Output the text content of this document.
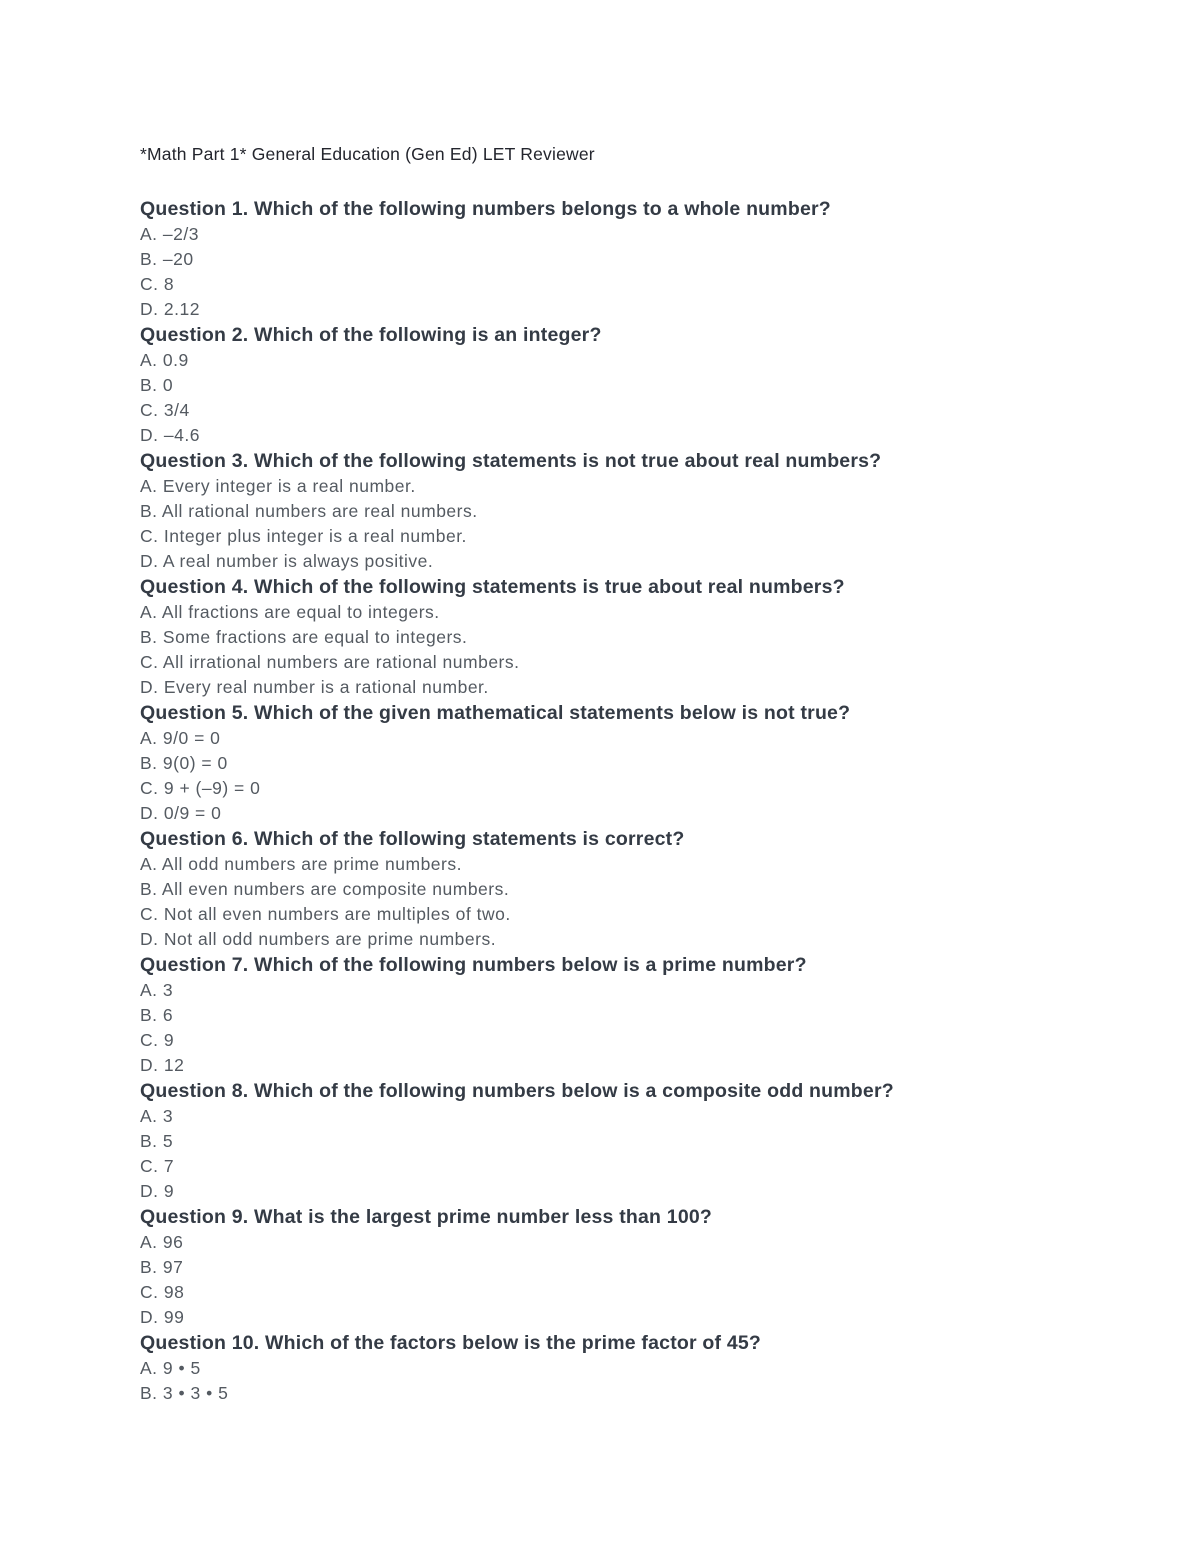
*Math Part 1* General Education (Gen Ed) LET Reviewer

Question 1. Which of the following numbers belongs to a whole number?
A. –2/3
B. –20
C. 8
D. 2.12
Question 2. Which of the following is an integer?
A. 0.9
B. 0
C. 3/4
D. –4.6
Question 3. Which of the following statements is not true about real numbers?
A. Every integer is a real number.
B. All rational numbers are real numbers.
C. Integer plus integer is a real number.
D. A real number is always positive.
Question 4. Which of the following statements is true about real numbers?
A. All fractions are equal to integers.
B. Some fractions are equal to integers.
C. All irrational numbers are rational numbers.
D. Every real number is a rational number.
Question 5. Which of the given mathematical statements below is not true?
A. 9/0 = 0
B. 9(0) = 0
C. 9 + (–9) = 0
D. 0/9 = 0
Question 6. Which of the following statements is correct?
A. All odd numbers are prime numbers.
B. All even numbers are composite numbers.
C. Not all even numbers are multiples of two.
D. Not all odd numbers are prime numbers.
Question 7. Which of the following numbers below is a prime number?
A. 3
B. 6
C. 9
D. 12
Question 8. Which of the following numbers below is a composite odd number?
A. 3
B. 5
C. 7
D. 9
Question 9. What is the largest prime number less than 100?
A. 96
B. 97
C. 98
D. 99
Question 10. Which of the factors below is the prime factor of 45?
A. 9 • 5
B. 3 • 3 • 5
